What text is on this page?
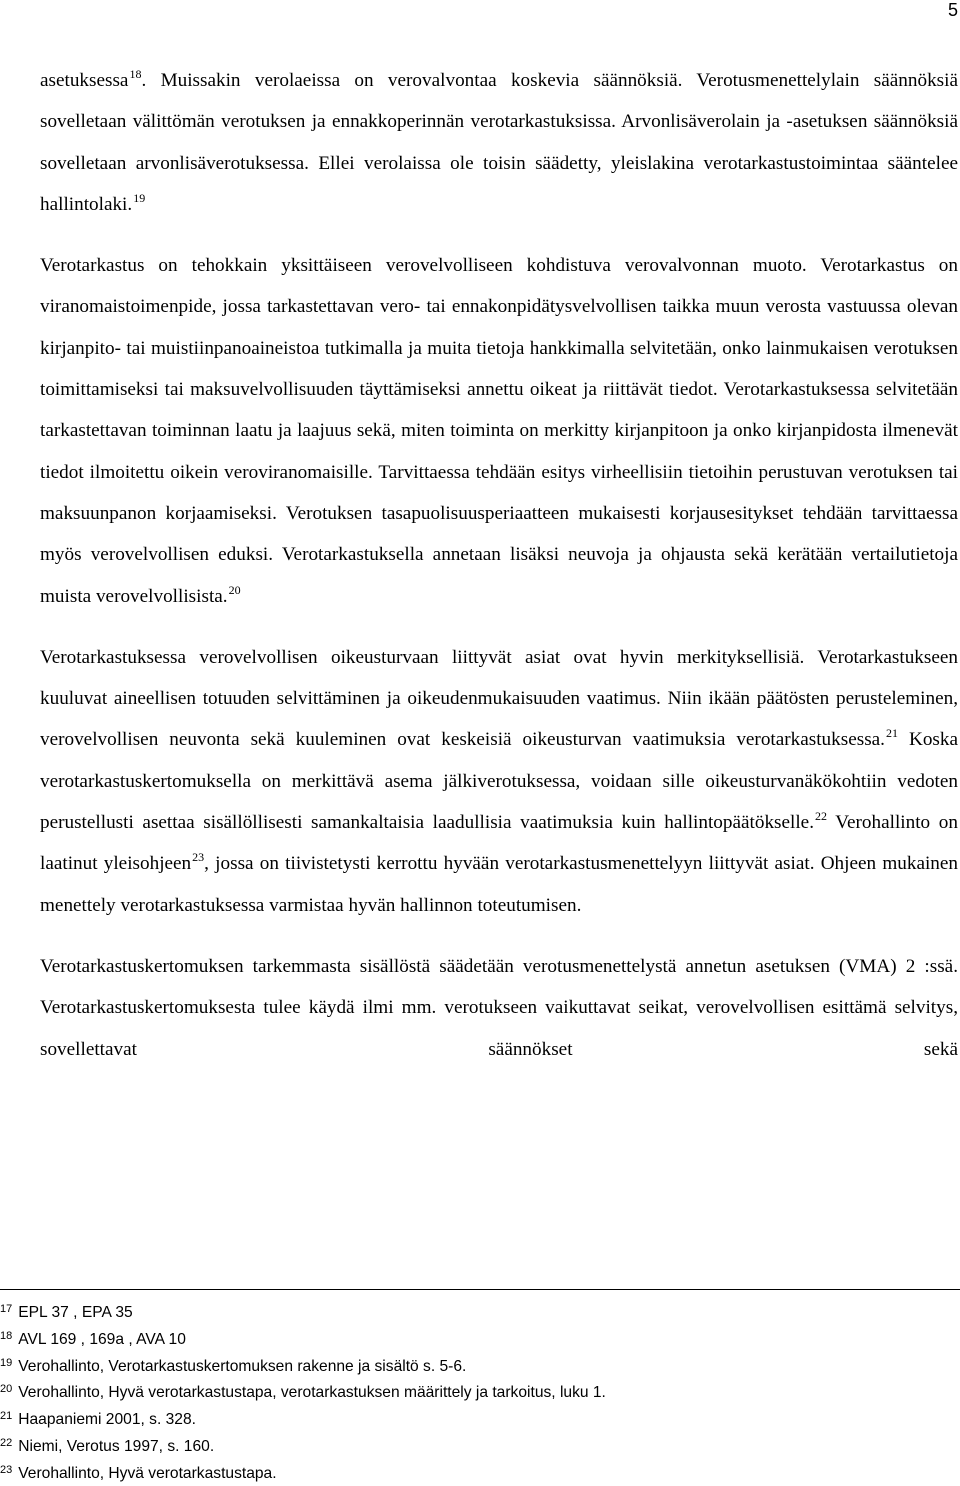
5

asetuksessa$^{18}$. Muissakin verolaeissa on verovalvontaa koskevia säännöksiä. Verotusmenettelylain säännöksiä sovelletaan välittömän verotuksen ja ennakkoperinnän verotarkastuksissa. Arvonlisäverolain ja -asetuksen säännöksiä sovelletaan arvonlisäverotuksessa. Ellei verolaissa ole toisin säädetty, yleislakina verotarkastustoimintaa sääntelee hallintolaki.$^{19}$

Verotarkastus on tehokkain yksittäiseen verovelvolliseen kohdistuva verovalvonnan muoto. Verotarkastus on viranomaistoimenpide, jossa tarkastettavan vero- tai ennakonpidätysvelvollisen taikka muun verosta vastuussa olevan kirjanpito- tai muistiinpanoaineistoa tutkimalla ja muita tietoja hankkimalla selvitetään, onko lainmukaisen verotuksen toimittamiseksi tai maksuvelvollisuuden täyttämiseksi annettu oikeat ja riittävät tiedot. Verotarkastuksessa selvitetään tarkastettavan toiminnan laatu ja laajuus sekä, miten toiminta on merkitty kirjanpitoon ja onko kirjanpidosta ilmenevät tiedot ilmoitettu oikein veroviranomaisille. Tarvittaessa tehdään esitys virheellisiin tietoihin perustuvan verotuksen tai maksuunpanon korjaamiseksi. Verotuksen tasapuolisuusperiaatteen mukaisesti korjausesitykset tehdään tarvittaessa myös verovelvollisen eduksi. Verotarkastuksella annetaan lisäksi neuvoja ja ohjausta sekä kerätään vertailutietoja muista verovelvollisista.$^{20}$

Verotarkastuksessa verovelvollisen oikeusturvaan liittyvät asiat ovat hyvin merkityksellisiä. Verotarkastukseen kuuluvat aineellisen totuuden selvittäminen ja oikeudenmukaisuuden vaatimus. Niin ikään päätösten perusteleminen, verovelvollisen neuvonta sekä kuuleminen ovat keskeisiä oikeusturvan vaatimuksia verotarkastuksessa.$^{21}$ Koska verotarkastuskertomuksella on merkittävä asema jälkiverotuksessa, voidaan sille oikeusturvanäkökohtiin vedoten perustellusti asettaa sisällöllisesti samankaltaisia laadullisia vaatimuksia kuin hallintopäätökselle.$^{22}$ Verohallinto on laatinut yleisohjeen$^{23}$, jossa on tiivistetysti kerrottu hyvään verotarkastusmenettelyyn liittyvät asiat. Ohjeen mukainen menettely verotarkastuksessa varmistaa hyvän hallinnon toteutumisen.

Verotarkastuskertomuksen tarkemmasta sisällöstä säädetään verotusmenettelystä annetun asetuksen (VMA) 2 :ssä. Verotarkastuskertomuksesta tulee käydä ilmi mm. verotukseen vaikuttavat seikat, verovelvollisen esittämä selvitys, sovellettavat säännökset sekä

$^{17}$ EPL 37 , EPA 35
$^{18}$ AVL 169 , 169a , AVA 10
$^{19}$ Verohallinto, Verotarkastuskertomuksen rakenne ja sisältö s. 5-6.
$^{20}$ Verohallinto, Hyvä verotarkastustapa, verotarkastuksen määrittely ja tarkoitus, luku 1.
$^{21}$ Haapaniemi 2001, s. 328.
$^{22}$ Niemi, Verotus 1997, s. 160.
$^{23}$ Verohallinto, Hyvä verotarkastustapa.
